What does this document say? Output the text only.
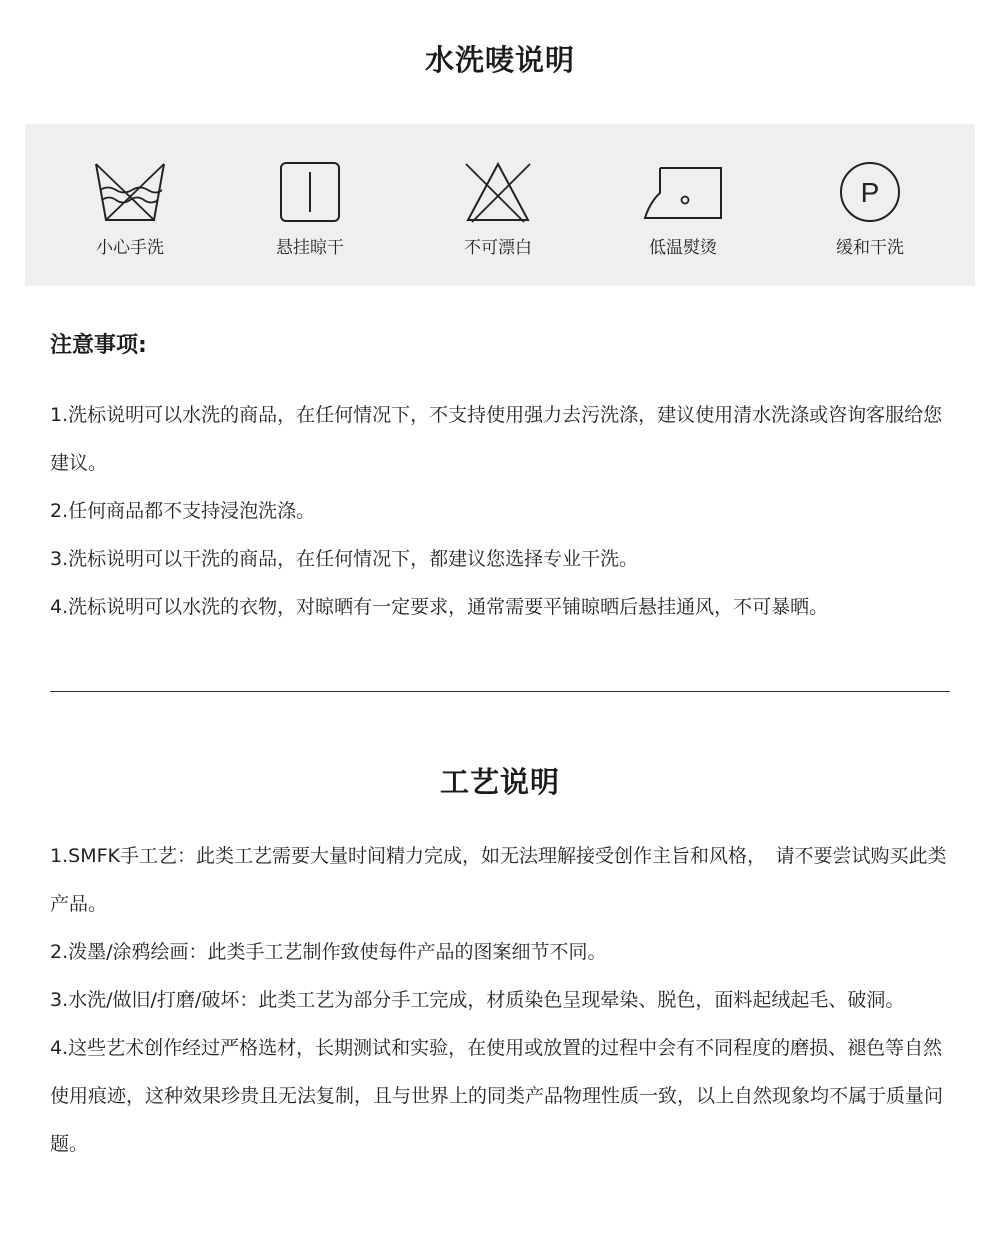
水洗唛说明
小心手洗	悬挂晾干	不可漂白	低温熨烫
P
缓和干洗
注意事项:
1.洗标说明可以水洗的商品，在任何情况下，不支持使用强力去污洗涤，建议使用清水洗涤或咨询客服给您建议。
2.任何商品都不支持浸泡洗涤。
3.洗标说明可以干洗的商品，在任何情况下，都建议您选择专业干洗。
4.洗标说明可以水洗的衣物，对晾晒有一定要求，通常需要平铺晾晒后悬挂通风，不可暴晒。
工艺说明
1.SMFK手工艺：此类工艺需要大量时间精力完成，如无法理解接受创作主旨和风格，　请不要尝试购买此类产品。
2.泼墨/涂鸦绘画：此类手工艺制作致使每件产品的图案细节不同。
3.水洗/做旧/打磨/破坏：此类工艺为部分手工完成，材质染色呈现晕染、脱色，面料起绒起毛、破洞。
4.这些艺术创作经过严格选材，长期测试和实验，在使用或放置的过程中会有不同程度的磨损、褪色等自然使用痕迹，这种效果珍贵且无法复制，且与世界上的同类产品物理性质一致，以上自然现象均不属于质量问题。
